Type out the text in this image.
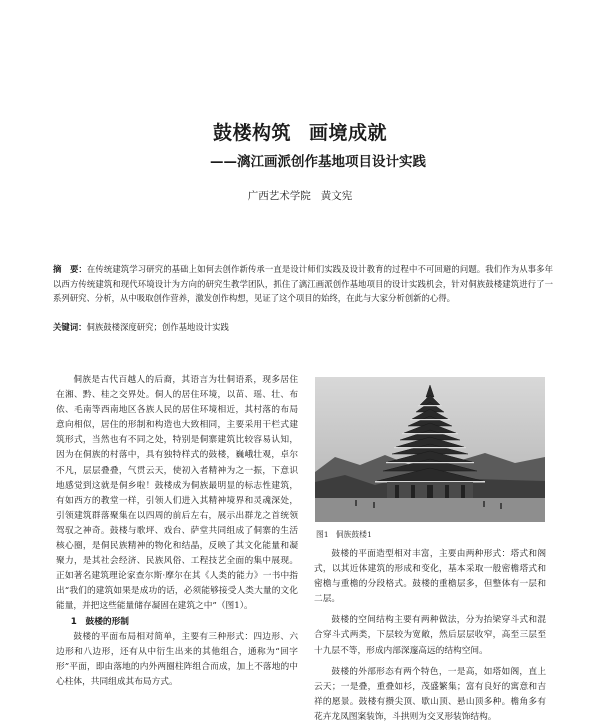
鼓楼构筑 画境成就
——漓江画派创作基地项目设计实践
广西艺术学院 黄文宪
摘　要：在传统建筑学习研究的基础上如何去创作新传承一直是设计师们实践及设计教育的过程中不可回避的问题。我们作为从事多年以西方传统建筑和现代环境设计为方向的研究生教学团队，抓住了漓江画派创作基地项目的设计实践机会，针对侗族鼓楼建筑进行了一系列研究、分析，从中吸取创作营养，激发创作构想，见证了这个项目的始终，在此与大家分析创新的心得。
关键词：侗族鼓楼深度研究；创作基地设计实践

侗族是古代百越人的后裔，其语言为壮侗语系，现多居住在湘、黔、桂之交界处。侗人的居住环境，以苗、瑶、壮、布依、毛南等西南地区各族人民的居住环境相近，其村落的布局意向相似，居住的形制和构造也大致相同，主要采用干栏式建筑形式，当然也有不同之处，特别是侗寨建筑比较容易认知，因为在侗族的村落中，具有独特样式的鼓楼，巍峨壮观，卓尔不凡，层层叠叠，气贯云天，使初入者精神为之一振，下意识地感觉到这就是侗乡啦！鼓楼成为侗族最明显的标志性建筑，有如西方的教堂一样，引领人们进入其精神境界和灵魂深处，引领建筑群落聚集在以四周的前后左右，展示出群龙之首统领驾驭之神奇。鼓楼与歌坪、戏台、萨堂共同组成了侗寨的生活核心圈，是侗民族精神的物化和结晶，反映了其文化能量和凝聚力，是其社会经济、民族风俗、工程技艺全面的集中展现。正如著名建筑理论家查尔斯·摩尔在其《人类的能力》一书中指出“我们的建筑如果是成功的话，必须能够接受人类大量的文化能量，并把这些能量储存凝固在建筑之中”（图1）。

1　鼓楼的形制

鼓楼的平面布局相对简单，主要有三种形式：四边形、六边形和八边形，还有从中衍生出来的其他组合，通称为“回字形”平面，即由落地的内外两圈柱阵组合而成，加上不落地的中心柱体，共同组成其布局方式。

图1 侗族鼓楼1

鼓楼的平面造型相对丰富，主要由两种形式：塔式和阁式，以其近体建筑的形成和变化，基本采取一般密檐塔式和密檐与重檐的分段格式。鼓楼的重檐层多，但整体有一层和二层。

鼓楼的空间结构主要有两种做法，分为抬梁穿斗式和混合穿斗式两类，下层较为宽敞，然后层层收窄，高至三层至十九层不等，形成内部深邃高远的结构空间。

鼓楼的外部形态有两个特色，一是高，如塔如阁，直上云天；一是叠，重叠如杉，茂盛繁集；富有良好的寓意和吉祥的愿景。鼓楼有攒尖顶、歇山顶、悬山顶多种。檐角多有花卉龙凤图案装饰，斗拱则为交叉形装饰结构。
